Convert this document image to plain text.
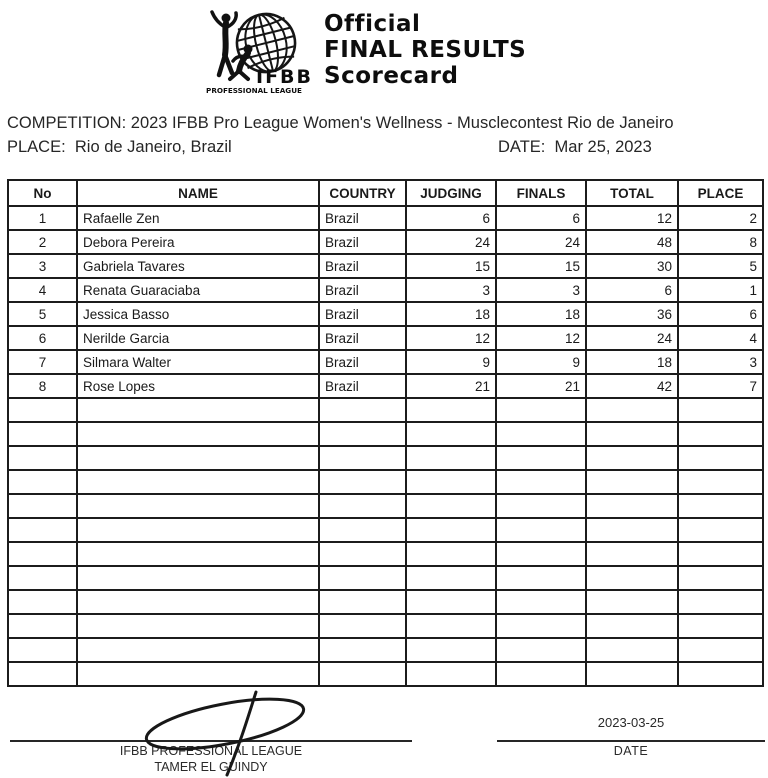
IFBB
PROFESSIONAL LEAGUE
Official
FINAL RESULTS
Scorecard
COMPETITION: 2023 IFBB Pro League Women's Wellness - Musclecontest Rio de Janeiro
PLACE: Rio de Janeiro, Brazil	DATE: Mar 25, 2023
No	NAME	COUNTRY	JUDGING	FINALS	TOTAL	PLACE
1	Rafaelle Zen	Brazil	6	6	12	2
2	Debora Pereira	Brazil	24	24	48	8
3	Gabriela Tavares	Brazil	15	15	30	5
4	Renata Guaraciaba	Brazil	3	3	6	1
5	Jessica Basso	Brazil	18	18	36	6
6	Nerilde Garcia	Brazil	12	12	24	4
7	Silmara Walter	Brazil	9	9	18	3
8	Rose Lopes	Brazil	21	21	42	7

IFBB PROFESSIONAL LEAGUE
TAMER EL GUINDY
2023-03-25
DATE
